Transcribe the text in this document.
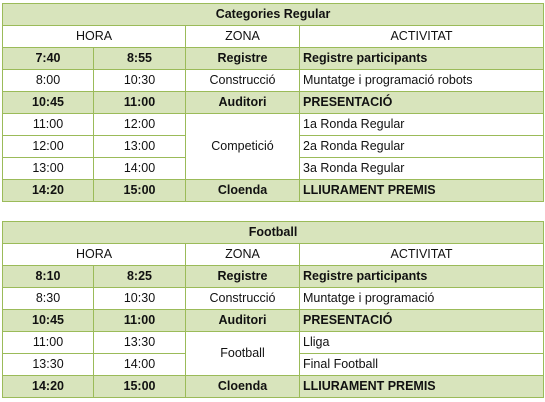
Categories Regular			
HORA		ZONA	ACTIVITAT
7:40	8:55	Registre	Registre participants
8:00	10:30	Construcció	Muntatge i programació robots
10:45	11:00	Auditori	PRESENTACIÓ
11:00	12:00	Competició	1a Ronda Regular
12:00	13:00		2a Ronda Regular
13:00	14:00		3a Ronda Regular
14:20	15:00	Cloenda	LLIURAMENT PREMIS
Football			
HORA		ZONA	ACTIVITAT
8:10	8:25	Registre	Registre participants
8:30	10:30	Construcció	Muntatge i programació
10:45	11:00	Auditori	PRESENTACIÓ
11:00	13:30	Football	Lliga
13:30	14:00		Final Football
14:20	15:00	Cloenda	LLIURAMENT PREMIS
